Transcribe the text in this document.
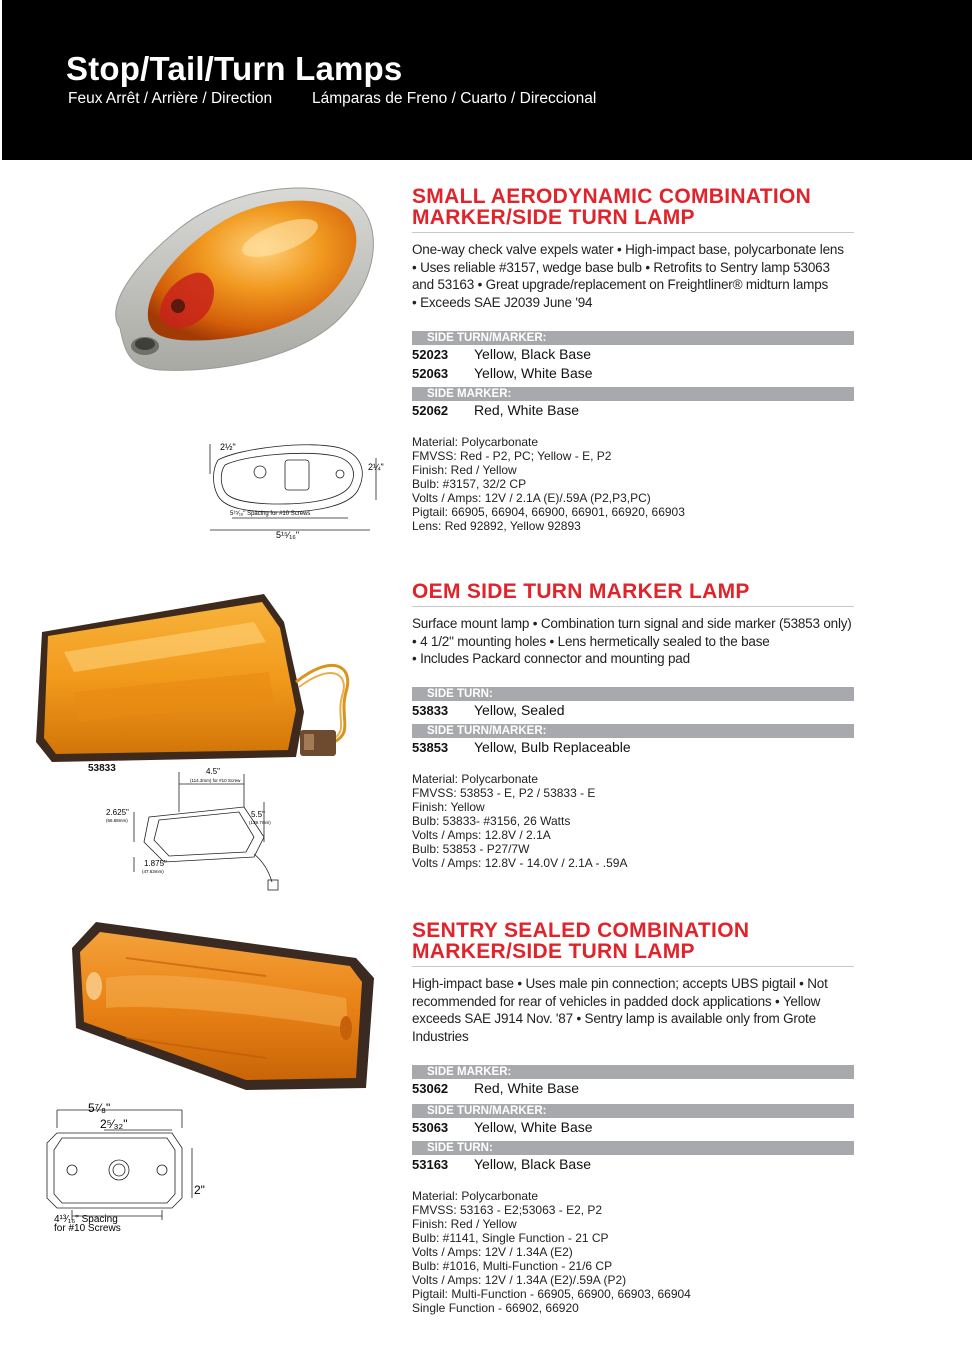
Stop/Tail/Turn Lamps
Feux Arrêt / Arrière / Direction	Lámparas de Freno / Cuarto / Direccional
2½"
2¼"
5¹⁵⁄₁₆" Spacing for #10 Screws
5¹⁵⁄₁₆"
SMALL AERODYNAMIC COMBINATION
MARKER/SIDE TURN LAMP
One-way check valve expels water • High-impact base, polycarbonate lens
• Uses reliable #3157, wedge base bulb • Retrofits to Sentry lamp 53063
and 53163 • Great upgrade/replacement on Freightliner® midturn lamps
• Exceeds SAE J2039 June '94
SIDE TURN/MARKER:
52023 Yellow, Black Base
52063 Yellow, White Base
SIDE MARKER:
52062 Red, White Base
Material: Polycarbonate
FMVSS: Red - P2, PC; Yellow - E, P2
Finish: Red / Yellow
Bulb: #3157, 32/2 CP
Volts / Amps: 12V / 2.1A (E)/.59A (P2,P3,PC)
Pigtail: 66905, 66904, 66900, 66901, 66920, 66903
Lens: Red 92892, Yellow 92893
53833	4.5"
(114.3mm) for #10 Screw
2.625"
(66.68mm)
5.5"
(139.7mm)
1.875"
(47.63mm)
OEM SIDE TURN MARKER LAMP
Surface mount lamp • Combination turn signal and side marker (53853 only)
• 4 1/2" mounting holes • Lens hermetically sealed to the base
• Includes Packard connector and mounting pad
SIDE TURN:
53833 Yellow, Sealed
SIDE TURN/MARKER:
53853 Yellow, Bulb Replaceable
Material: Polycarbonate
FMVSS: 53853 - E, P2 / 53833 - E
Finish: Yellow
Bulb: 53833- #3156, 26 Watts
Volts / Amps: 12.8V / 2.1A
Bulb: 53853 - P27/7W
Volts / Amps: 12.8V - 14.0V / 2.1A - .59A
5⁷⁄₈"
2⁵⁄₃₂"
2"
4¹³⁄₁₆" Spacing
for #10 Screws
SENTRY SEALED COMBINATION
MARKER/SIDE TURN LAMP
High-impact base • Uses male pin connection; accepts UBS pigtail • Not
recommended for rear of vehicles in padded dock applications • Yellow
exceeds SAE J914 Nov. '87 • Sentry lamp is available only from Grote
Industries
SIDE MARKER:
53062 Red, White Base
SIDE TURN/MARKER:
53063 Yellow, White Base
SIDE TURN:
53163 Yellow, Black Base
Material: Polycarbonate
FMVSS: 53163 - E2;53063 - E2, P2
Finish: Red / Yellow
Bulb: #1141, Single Function - 21 CP
Volts / Amps: 12V / 1.34A (E2)
Bulb: #1016, Multi-Function - 21/6 CP
Volts / Amps: 12V / 1.34A (E2)/.59A (P2)
Pigtail: Multi-Function - 66905, 66900, 66903, 66904
Single Function - 66902, 66920
